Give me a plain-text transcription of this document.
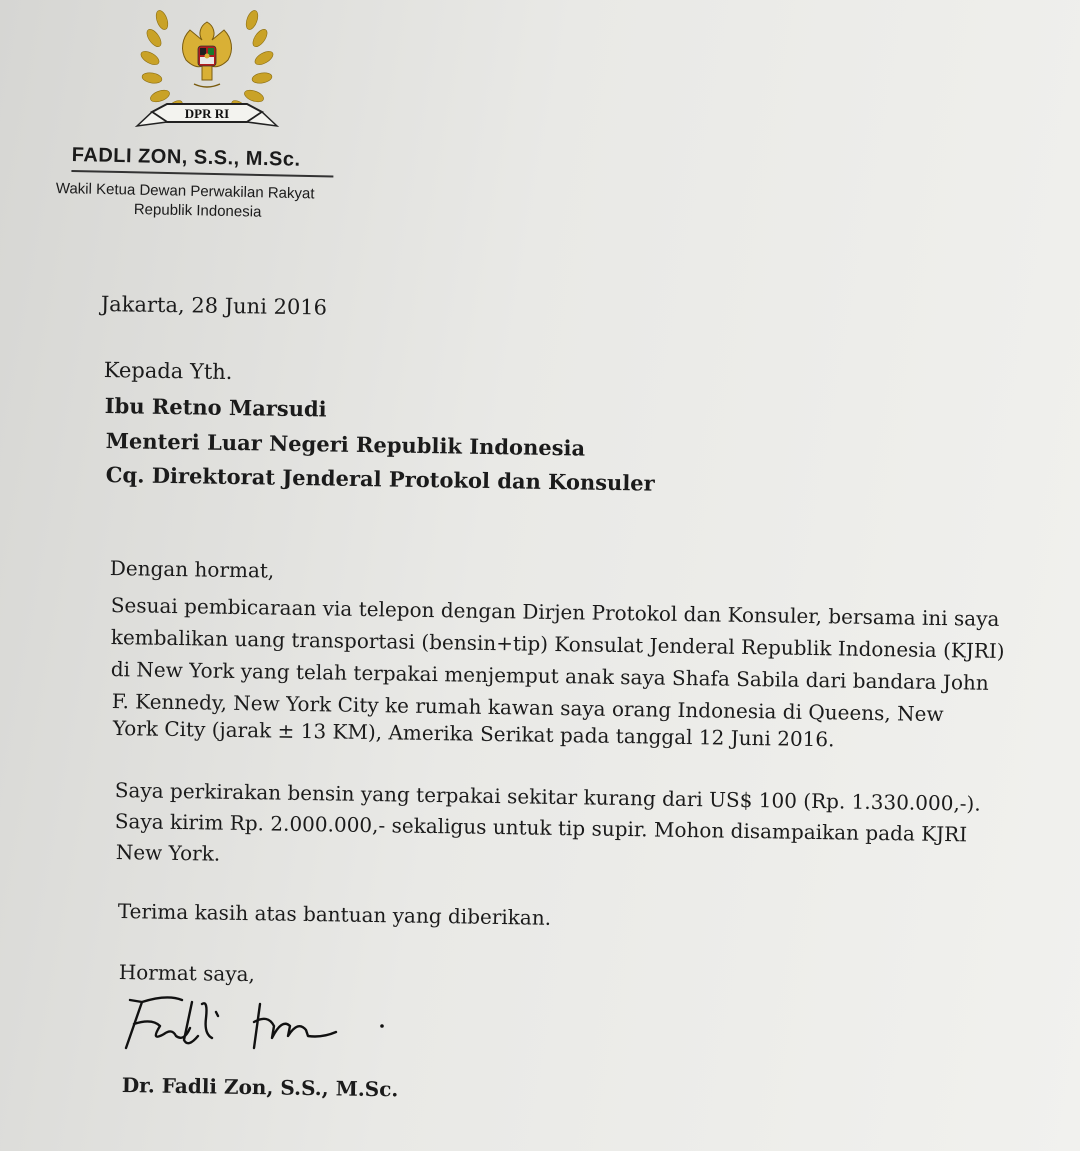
DPR RI
FADLI ZON, S.S., M.Sc.
Wakil Ketua Dewan Perwakilan Rakyat
Republik Indonesia
Jakarta, 28 Juni 2016
Kepada Yth.
Ibu Retno Marsudi
Menteri Luar Negeri Republik Indonesia
Cq. Direktorat Jenderal Protokol dan Konsuler
Dengan hormat,
Sesuai pembicaraan via telepon dengan Dirjen Protokol dan Konsuler, bersama ini saya
kembalikan uang transportasi (bensin+tip) Konsulat Jenderal Republik Indonesia (KJRI)
di New York yang telah terpakai menjemput anak saya Shafa Sabila dari bandara John
F. Kennedy, New York City ke rumah kawan saya orang Indonesia di Queens, New
York City (jarak ± 13 KM), Amerika Serikat pada tanggal 12 Juni 2016.
Saya perkirakan bensin yang terpakai sekitar kurang dari US$ 100 (Rp. 1.330.000,-).
Saya kirim Rp. 2.000.000,- sekaligus untuk tip supir. Mohon disampaikan pada KJRI
New York.
Terima kasih atas bantuan yang diberikan.
Hormat saya,
Dr. Fadli Zon, S.S., M.Sc.
